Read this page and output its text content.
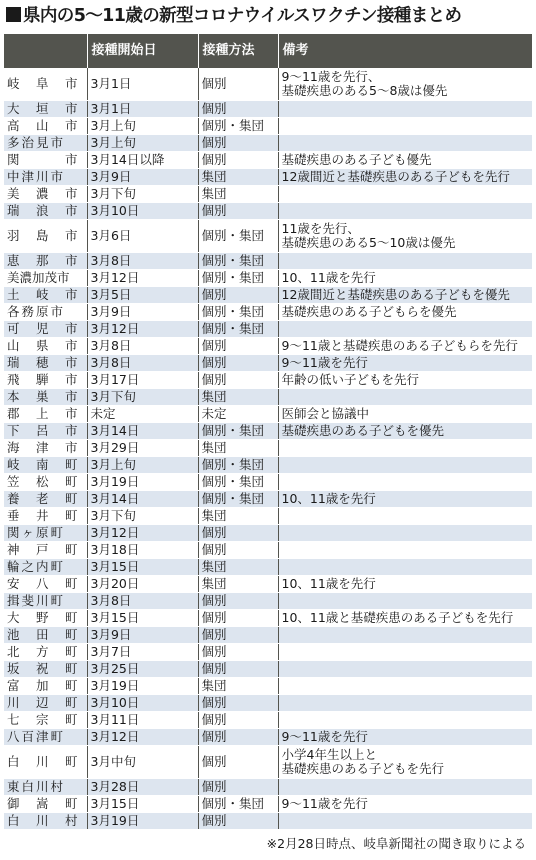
県内の5～11歳の新型コロナウイルスワクチン接種まとめ
	接種開始日	接種方法	備考
岐　阜　市	3月1日	個別	9～11歳を先行、
基礎疾患のある5～8歳は優先
大　垣　市	3月1日	個別	
高　山　市	3月上旬	個別・集団	
多治見市	3月上旬	個別	
関　　　市	3月14日以降	個別	基礎疾患のある子ども優先
中津川市	3月9日	集団	12歳間近と基礎疾患のある子どもを先行
美　濃　市	3月下旬	集団	
瑞　浪　市	3月10日	個別	
羽　島　市	3月6日	個別・集団	11歳を先行、
基礎疾患のある5～10歳は優先
恵　那　市	3月8日	個別・集団	
美濃加茂市	3月12日	個別・集団	10、11歳を先行
土　岐　市	3月5日	個別	12歳間近と基礎疾患のある子どもを優先
各務原市	3月9日	個別・集団	基礎疾患のある子どもらを優先
可　児　市	3月12日	個別・集団	
山　県　市	3月8日	個別	9～11歳と基礎疾患のある子どもらを先行
瑞　穂　市	3月8日	個別	9～11歳を先行
飛　騨　市	3月17日	個別	年齢の低い子どもを先行
本　巣　市	3月下旬	集団	
郡　上　市	未定	未定	医師会と協議中
下　呂　市	3月14日	個別・集団	基礎疾患のある子どもを優先
海　津　市	3月29日	集団	
岐　南　町	3月上旬	個別・集団	
笠　松　町	3月19日	個別・集団	
養　老　町	3月14日	個別・集団	10、11歳を先行
垂　井　町	3月下旬	集団	
関ヶ原町	3月12日	個別	
神　戸　町	3月18日	個別	
輪之内町	3月15日	集団	
安　八　町	3月20日	集団	10、11歳を先行
揖斐川町	3月8日	個別	
大　野　町	3月15日	個別	10、11歳と基礎疾患のある子どもを先行
池　田　町	3月9日	個別	
北　方　町	3月7日	個別	
坂　祝　町	3月25日	個別	
富　加　町	3月19日	集団	
川　辺　町	3月10日	個別	
七　宗　町	3月11日	個別	
八百津町	3月12日	個別	9～11歳を先行
白　川　町	3月中旬	個別	小学4年生以上と
基礎疾患のある子どもを先行
東白川村	3月28日	個別	
御　嵩　町	3月15日	個別・集団	9～11歳を先行
白　川　村	3月19日	個別	
※2月28日時点、岐阜新聞社の聞き取りによる
